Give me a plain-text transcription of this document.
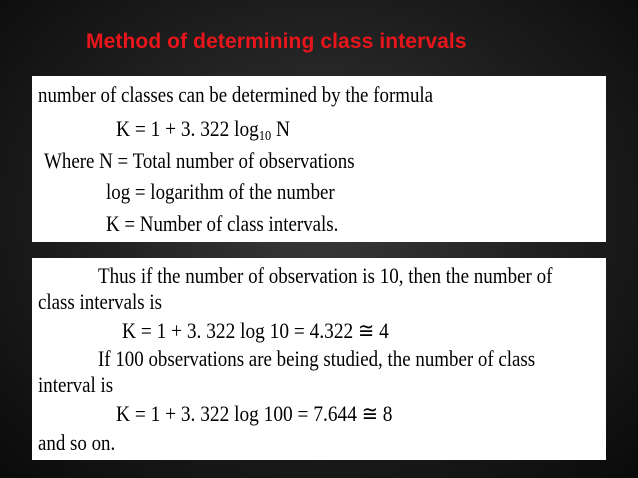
Method of determining class intervals
number of classes can be determined by the formula
K = 1 + 3. 322 $\log_{10} N$
Where N = Total number of observations
log = logarithm of the number
K = Number of class intervals.
Thus if the number of observation is 10, then the number of
class intervals is
K = 1 + 3. 322 log 10 = 4.322 ≅ 4
If 100 observations are being studied, the number of class
interval is
K = 1 + 3. 322 log 100 = 7.644 ≅ 8
and so on.
